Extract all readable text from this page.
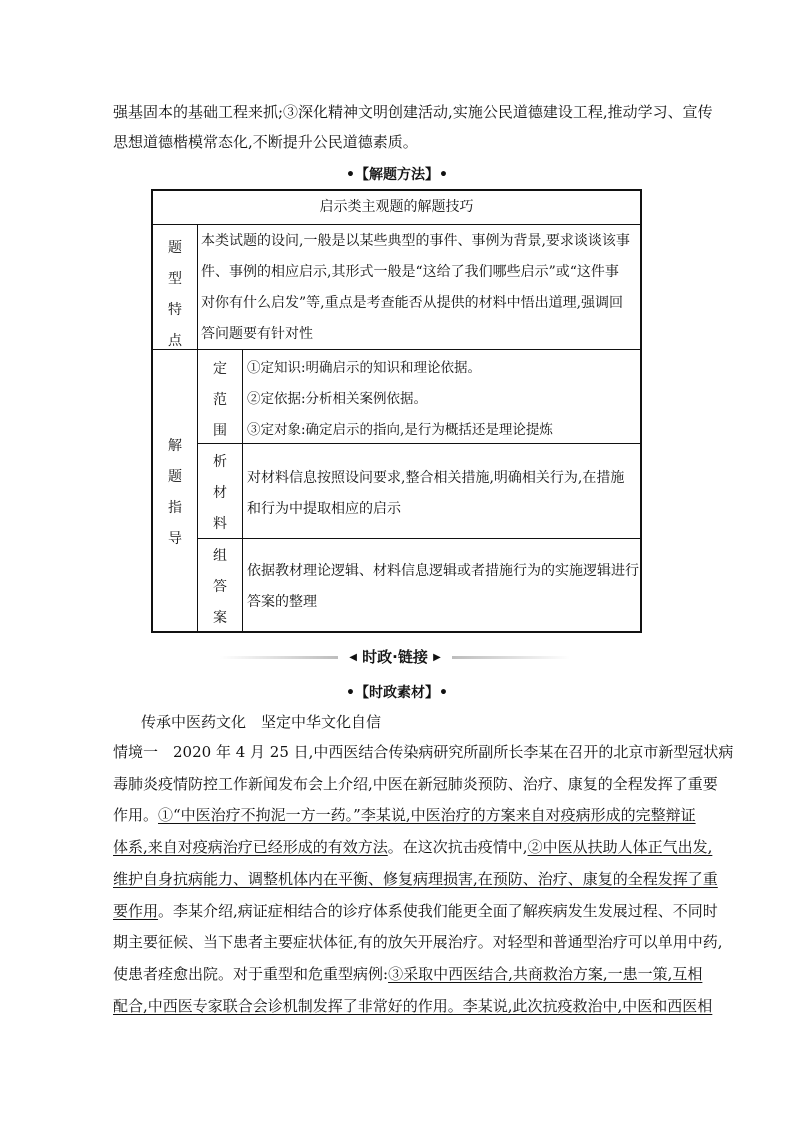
强基固本的基础工程来抓;③深化精神文明创建活动,实施公民道德建设工程,推动学习、宣传
思想道德楷模常态化,不断提升公民道德素质。
•【解题方法】•
启示类主观题的解题技巧
题
型
特
点
本类试题的设问,一般是以某些典型的事件、事例为背景,要求谈谈该事
件、事例的相应启示,其形式一般是“这给了我们哪些启示”或“这件事
对你有什么启发”等,重点是考查能否从提供的材料中悟出道理,强调回
答问题要有针对性
解
题
指
导
定
范
围
①定知识:明确启示的知识和理论依据。
②定依据:分析相关案例依据。
③定对象:确定启示的指向,是行为概括还是理论提炼
析
材
料
对材料信息按照设问要求,整合相关措施,明确相关行为,在措施
和行为中提取相应的启示
组
答
案
依据教材理论逻辑、材料信息逻辑或者措施行为的实施逻辑进行
答案的整理
◀ 时政·链接 ▶
•【时政素材】•
传承中医药文化　坚定中华文化自信
情境一　2020 年 4 月 25 日,中西医结合传染病研究所副所长李某在召开的北京市新型冠状病
毒肺炎疫情防控工作新闻发布会上介绍,中医在新冠肺炎预防、治疗、康复的全程发挥了重要
作用。①“中医治疗不拘泥一方一药。”李某说,中医治疗的方案来自对疫病形成的完整辩证
体系,来自对疫病治疗已经形成的有效方法。在这次抗击疫情中,②中医从扶助人体正气出发,
维护自身抗病能力、调整机体内在平衡、修复病理损害,在预防、治疗、康复的全程发挥了重
要作用。李某介绍,病证症相结合的诊疗体系使我们能更全面了解疾病发生发展过程、不同时
期主要征候、当下患者主要症状体征,有的放矢开展治疗。对轻型和普通型治疗可以单用中药,
使患者痊愈出院。对于重型和危重型病例:③采取中西医结合,共商救治方案,一患一策,互相
配合,中西医专家联合会诊机制发挥了非常好的作用。李某说,此次抗疫救治中,中医和西医相
